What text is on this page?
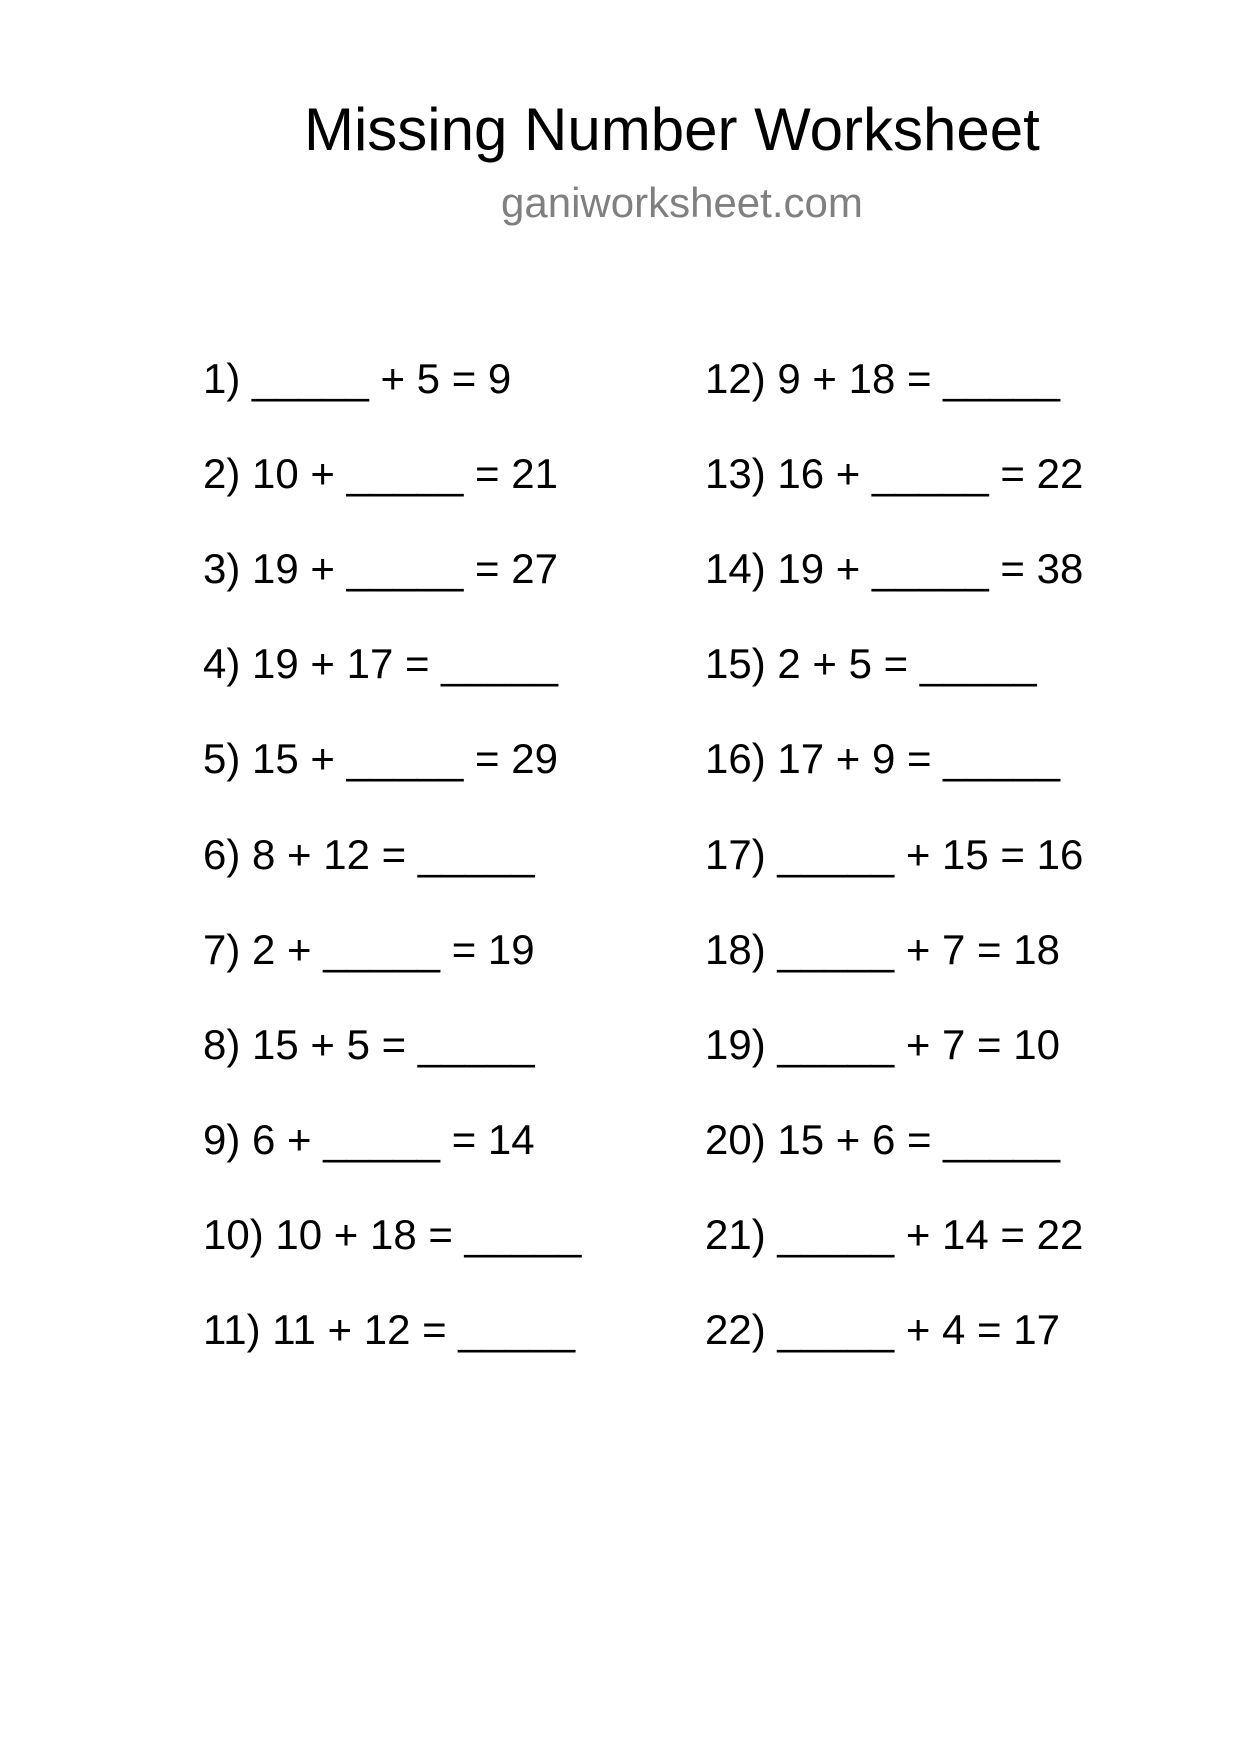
Missing Number Worksheet
ganiworksheet.com
1) _____ + 5 = 9
2) 10 + _____ = 21
3) 19 + _____ = 27
4) 19 + 17 = _____
5) 15 + _____ = 29
6) 8 + 12 = _____
7) 2 + _____ = 19
8) 15 + 5 = _____
9) 6 + _____ = 14
10) 10 + 18 = _____
11) 11 + 12 = _____
12) 9 + 18 = _____
13) 16 + _____ = 22
14) 19 + _____ = 38
15) 2 + 5 = _____
16) 17 + 9 = _____
17) _____ + 15 = 16
18) _____ + 7 = 18
19) _____ + 7 = 10
20) 15 + 6 = _____
21) _____ + 14 = 22
22) _____ + 4 = 17
